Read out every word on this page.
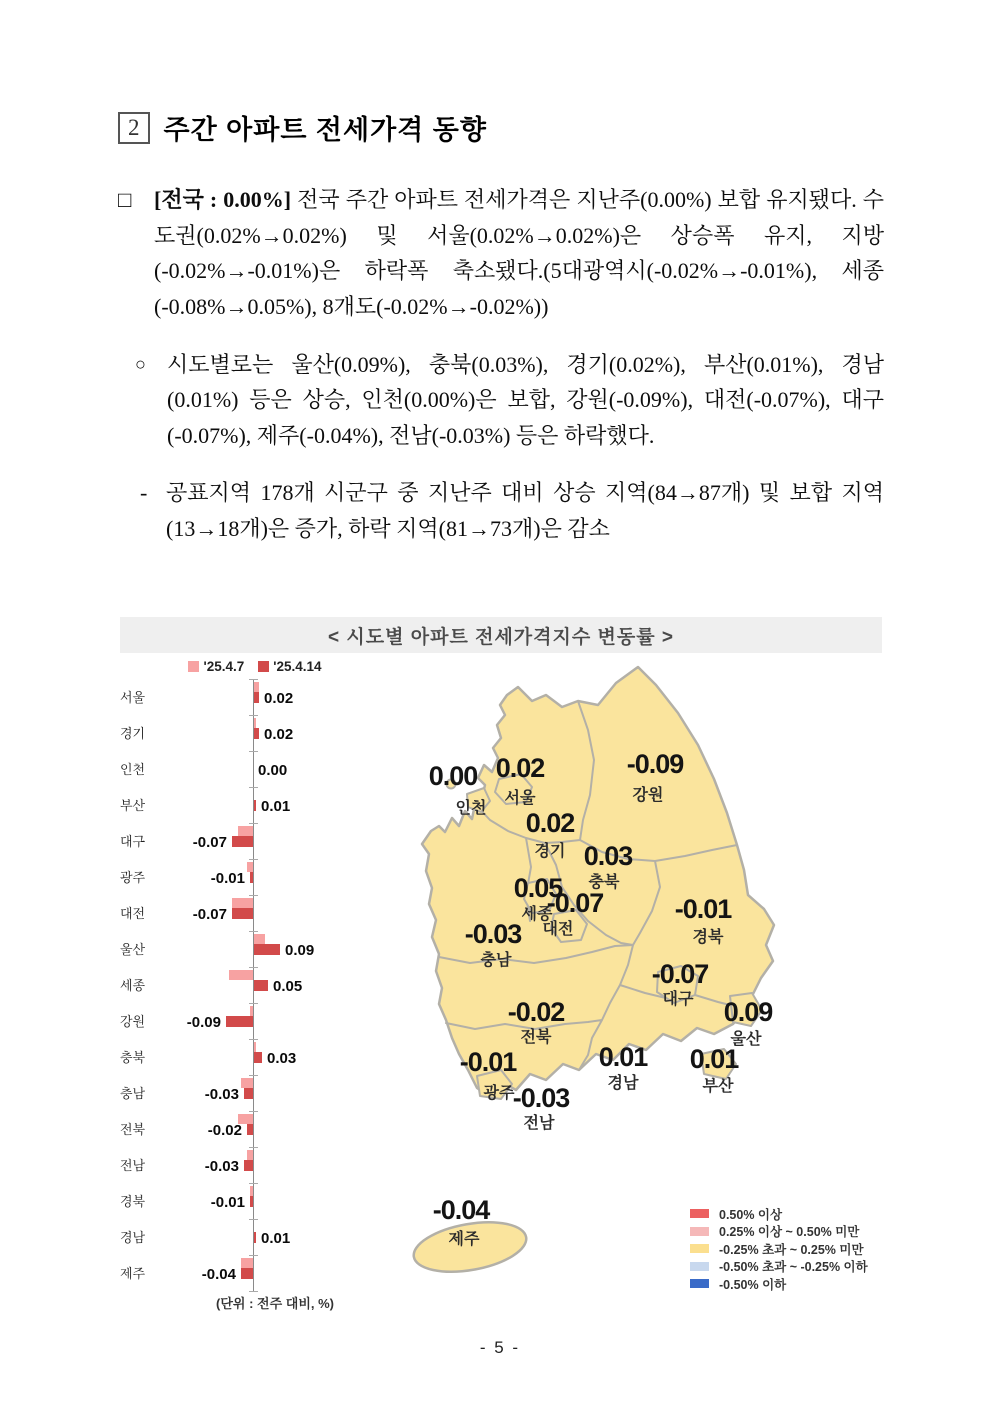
2 주간 아파트 전세가격 동향
□ [전국 : 0.00%] 전국 주간 아파트 전세가격은 지난주(0.00%) 보합 유지됐다. 수도권(0.02%→0.02%) 및 서울(0.02%→0.02%)은 상승폭 유지, 지방(-0.02%→-0.01%)은 하락폭 축소됐다.(5대광역시(-0.02%→-0.01%), 세종(-0.08%→0.05%), 8개도(-0.02%→-0.02%))
○ 시도별로는 울산(0.09%), 충북(0.03%), 경기(0.02%), 부산(0.01%), 경남(0.01%) 등은 상승, 인천(0.00%)은 보합, 강원(-0.09%), 대전(-0.07%), 대구(-0.07%), 제주(-0.04%), 전남(-0.03%) 등은 하락했다.
- 공표지역 178개 시군구 중 지난주 대비 상승 지역(84→87개) 및 보합 지역(13→18개)은 증가, 하락 지역(81→73개)은 감소
< 시도별 아파트 전세가격지수 변동률 >
'25.4.7	'25.4.14
서울	0.02
경기	0.02
인천	0.00
부산	0.01
대구	-0.07
광주	-0.01
대전	-0.07
울산	0.09
세종	0.05
강원	-0.09
충북	0.03
충남	-0.03
전북	-0.02
전남	-0.03
경북	-0.01
경남	0.01
제주	-0.04
(단위 : 전주 대비, %)
0.02
서울
0.02
경기
0.00
인천
0.01
부산
-0.07
대구
-0.01
광주
-0.07
대전
0.09
울산
0.05
세종
-0.09
강원
0.03
충북
-0.03
충남
-0.02
전북
-0.03
전남
-0.01
경북
0.01
경남
-0.04
제주
0.50% 이상
0.25% 이상 ~ 0.50% 미만
-0.25% 초과 ~ 0.25% 미만
-0.50% 초과 ~ -0.25% 이하
-0.50% 이하
- 5 -
